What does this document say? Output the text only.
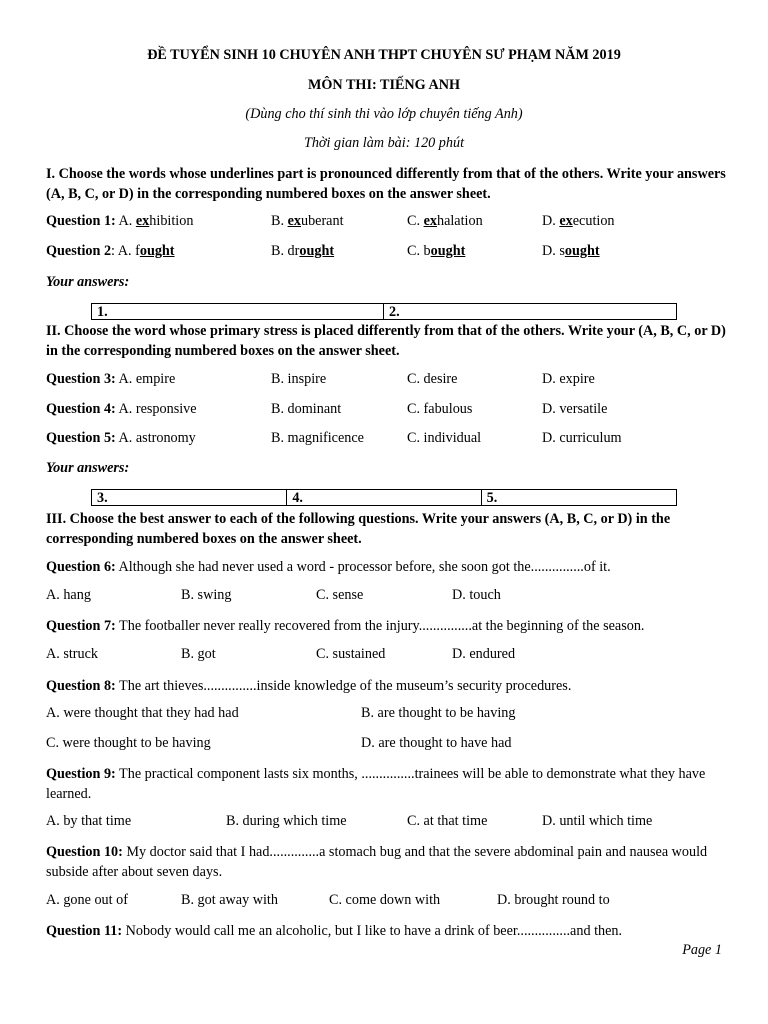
ĐỀ TUYỂN SINH 10 CHUYÊN ANH THPT CHUYÊN SƯ PHẠM NĂM 2019
MÔN THI: TIẾNG ANH
(Dùng cho thí sinh thi vào lớp chuyên tiếng Anh)
Thời gian làm bài: 120 phút
I. Choose the words whose underlines part is pronounced differently from that of the others. Write your answers (A, B, C, or D) in the corresponding numbered boxes on the answer sheet.
Question 1: A. exhibition	B. exuberant	C. exhalation	D. execution
Question 2: A. fought	B. drought	C. bought	D. sought
Your answers:
1.	2.
II. Choose the word whose primary stress is placed differently from that of the others. Write your (A, B, C, or D) in the corresponding numbered boxes on the answer sheet.
Question 3: A. empire	B. inspire	C. desire	D. expire
Question 4: A. responsive	B. dominant	C. fabulous	D. versatile
Question 5: A. astronomy	B. magnificence	C. individual	D. curriculum
Your answers:
3.	4.	5.
III. Choose the best answer to each of the following questions. Write your answers (A, B, C, or D) in the corresponding numbered boxes on the answer sheet.
Question 6: Although she had never used a word - processor before, she soon got the...............of it.
A. hang	B. swing	C. sense	D. touch
Question 7: The footballer never really recovered from the injury...............at the beginning of the season.
A. struck	B. got	C. sustained	D. endured
Question 8: The art thieves...............inside knowledge of the museum’s security procedures.
A. were thought that they had had	B. are thought to be having
C. were thought to be having	D. are thought to have had
Question 9: The practical component lasts six months, ...............trainees will be able to demonstrate what they have learned.
A. by that time	B. during which time	C. at that time	D. until which time
Question 10: My doctor said that I had..............a stomach bug and that the severe abdominal pain and nausea would subside after about seven days.
A. gone out of	B. got away with	C. come down with	D. brought round to
Question 11: Nobody would call me an alcoholic, but I like to have a drink of beer...............and then.
Page 1
